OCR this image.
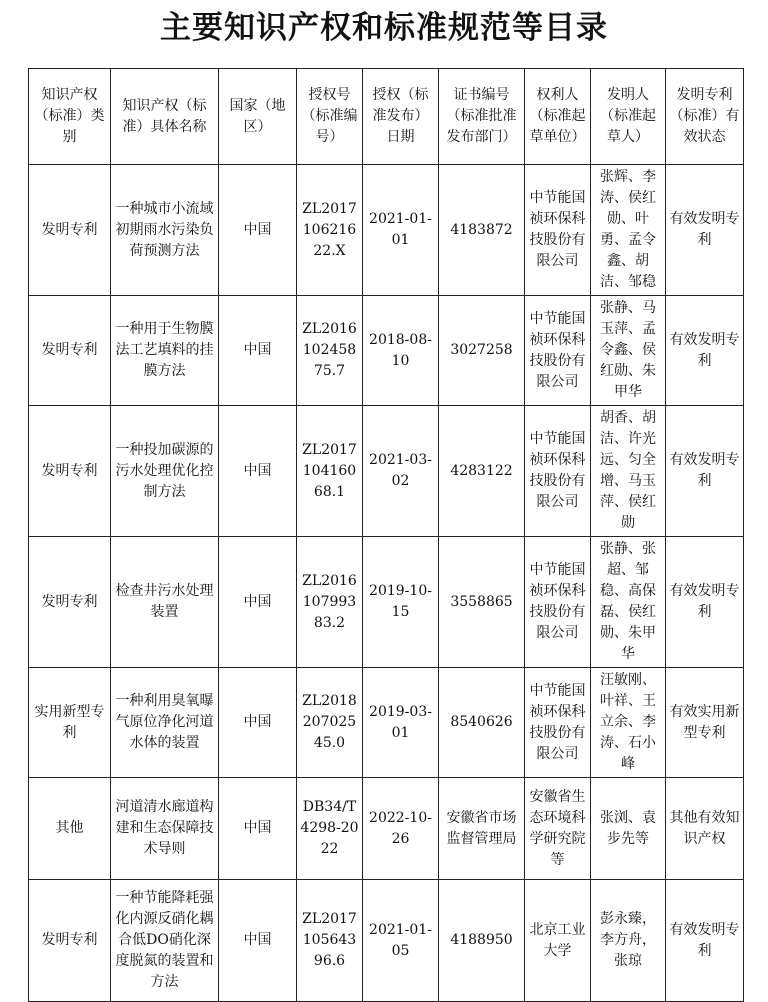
主要知识产权和标准规范等目录
知识产权（标准）类别	知识产权（标准）具体名称	国家（地区）	授权号（标准编号）	授权（标准发布）日期	证书编号（标准批准发布部门）	权利人（标准起草单位）	发明人（标准起草人）	发明专利（标准）有效状态
发明专利	一种城市小流域初期雨水污染负荷预测方法	中国	ZL201710621622.X	2021-01-01	4183872	中节能国祯环保科技股份有限公司	张辉、李涛、侯红勋、叶勇、孟令鑫、胡洁、邹稳	有效发明专利
发明专利	一种用于生物膜法工艺填料的挂膜方法	中国	ZL201610245875.7	2018-08-10	3027258	中节能国祯环保科技股份有限公司	张静、马玉萍、孟令鑫、侯红勋、朱甲华	有效发明专利
发明专利	一种投加碳源的污水处理优化控制方法	中国	ZL201710416068.1	2021-03-02	4283122	中节能国祯环保科技股份有限公司	胡香、胡洁、许光远、匀全增、马玉萍、侯红勋	有效发明专利
发明专利	检查井污水处理装置	中国	ZL201610799383.2	2019-10-15	3558865	中节能国祯环保科技股份有限公司	张静、张超、邹稳、高保磊、侯红勋、朱甲华	有效发明专利
实用新型专利	一种利用臭氧曝气原位净化河道水体的装置	中国	ZL201820702545.0	2019-03-01	8540626	中节能国祯环保科技股份有限公司	汪敏刚、叶祥、王立余、李涛、石小峰	有效实用新型专利
其他	河道清水廊道构建和生态保障技术导则	中国	DB34/T4298-2022	2022-10-26	安徽省市场监督管理局	安徽省生态环境科学研究院等	张浏、袁步先等	其他有效知识产权
发明专利	一种节能降耗强化内源反硝化耦合低DO硝化深度脱氮的装置和方法	中国	ZL201710564396.6	2021-01-05	4188950	北京工业大学	彭永臻，李方舟，张琼	有效发明专利
